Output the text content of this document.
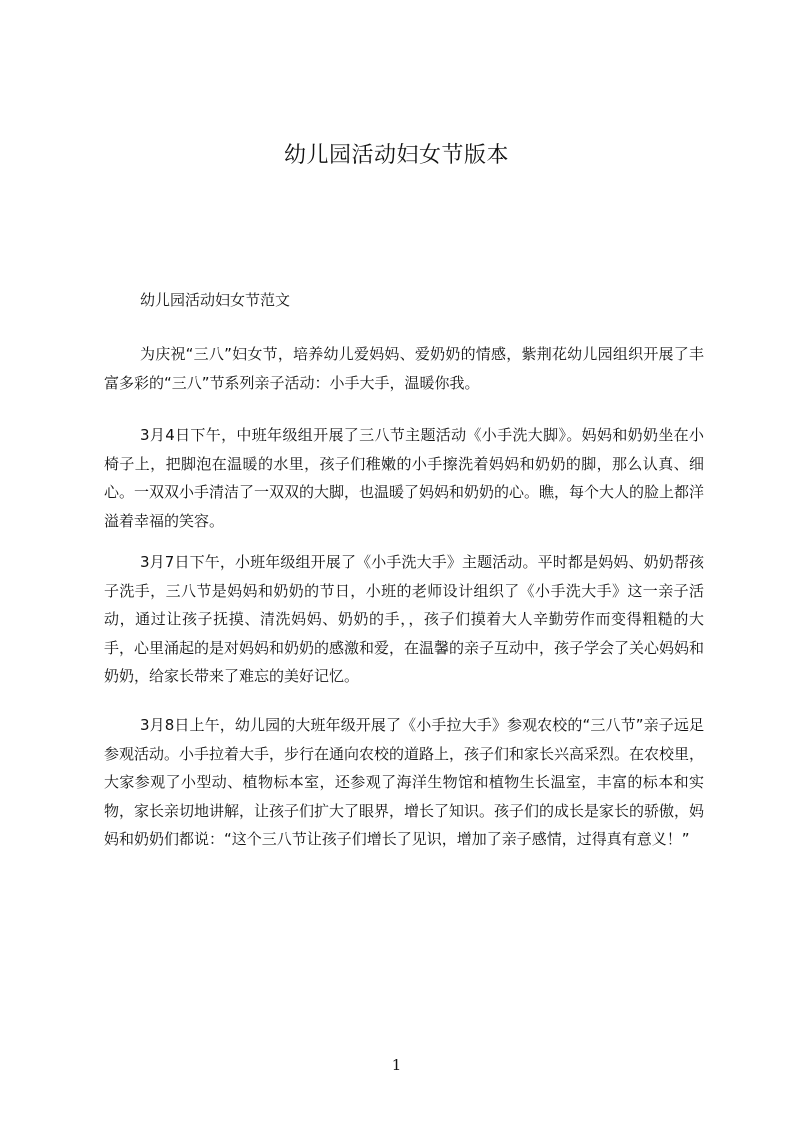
幼儿园活动妇女节版本

幼儿园活动妇女节范文

为庆祝“三八”妇女节，培养幼儿爱妈妈、爱奶奶的情感，紫荆花幼儿园组织开展了丰富多彩的“三八”节系列亲子活动：小手大手，温暖你我。

3月4日下午，中班年级组开展了三八节主题活动《小手洗大脚》。妈妈和奶奶坐在小椅子上，把脚泡在温暖的水里，孩子们稚嫩的小手擦洗着妈妈和奶奶的脚，那么认真、细心。一双双小手清洁了一双双的大脚，也温暖了妈妈和奶奶的心。瞧，每个大人的脸上都洋溢着幸福的笑容。

3月7日下午，小班年级组开展了《小手洗大手》主题活动。平时都是妈妈、奶奶帮孩子洗手，三八节是妈妈和奶奶的节日，小班的老师设计组织了《小手洗大手》这一亲子活动，通过让孩子抚摸、清洗妈妈、奶奶的手，，孩子们摸着大人辛勤劳作而变得粗糙的大手，心里涌起的是对妈妈和奶奶的感激和爱，在温馨的亲子互动中，孩子学会了关心妈妈和奶奶，给家长带来了难忘的美好记忆。

3月8日上午，幼儿园的大班年级开展了《小手拉大手》参观农校的“三八节”亲子远足参观活动。小手拉着大手，步行在通向农校的道路上，孩子们和家长兴高采烈。在农校里，大家参观了小型动、植物标本室，还参观了海洋生物馆和植物生长温室，丰富的标本和实物，家长亲切地讲解，让孩子们扩大了眼界，增长了知识。孩子们的成长是家长的骄傲，妈妈和奶奶们都说：“这个三八节让孩子们增长了见识，增加了亲子感情，过得真有意义！”

1
